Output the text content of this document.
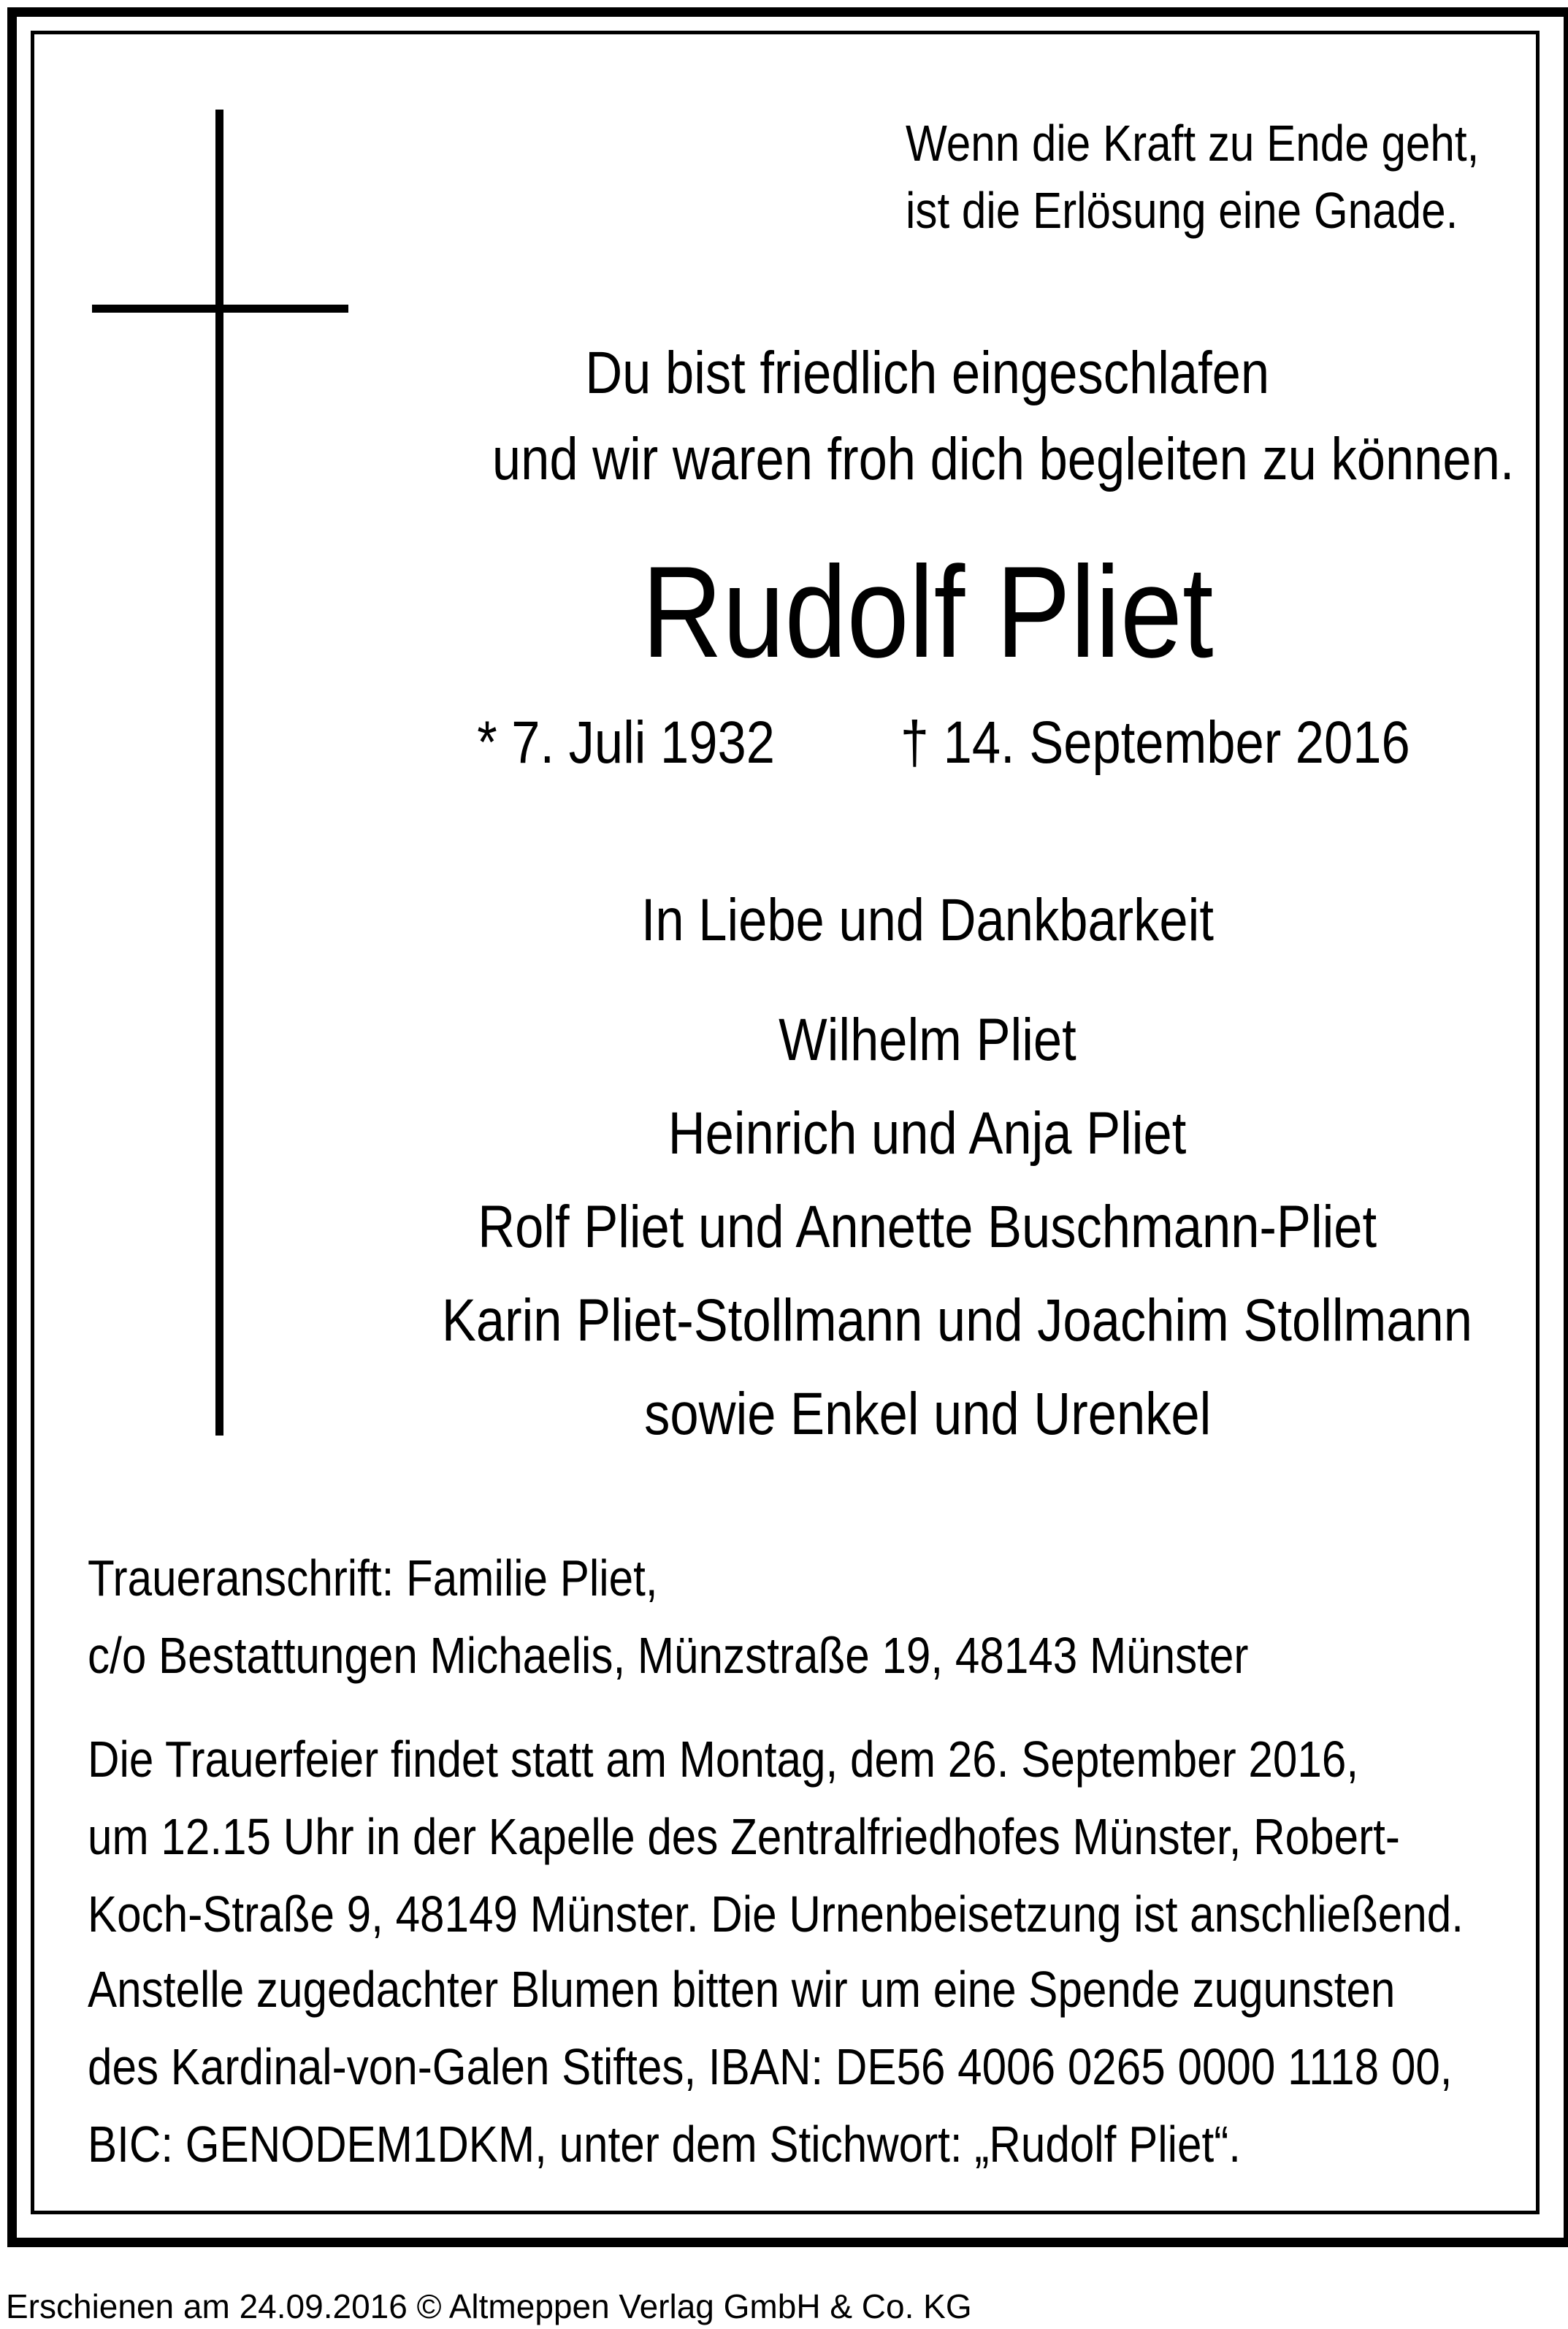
Wenn die Kraft zu Ende geht,
ist die Erlösung eine Gnade.
Du bist friedlich eingeschlafen
und wir waren froh dich begleiten zu können.
Rudolf Pliet
* 7. Juli 1932	† 14. September 2016
In Liebe und Dankbarkeit
Wilhelm Pliet
Heinrich und Anja Pliet
Rolf Pliet und Annette Buschmann-Pliet
Karin Pliet-Stollmann und Joachim Stollmann
sowie Enkel und Urenkel
Traueranschrift: Familie Pliet,
c/o Bestattungen Michaelis, Münzstraße 19, 48143 Münster
Die Trauerfeier findet statt am Montag, dem 26. September 2016,
um 12.15 Uhr in der Kapelle des Zentralfriedhofes Münster, Robert-
Koch-Straße 9, 48149 Münster. Die Urnenbeisetzung ist anschließend.
Anstelle zugedachter Blumen bitten wir um eine Spende zugunsten
des Kardinal-von-Galen Stiftes, IBAN: DE56 4006 0265 0000 1118 00,
BIC: GENODEM1DKM, unter dem Stichwort: „Rudolf Pliet“.
Erschienen am 24.09.2016 © Altmeppen Verlag GmbH & Co. KG
